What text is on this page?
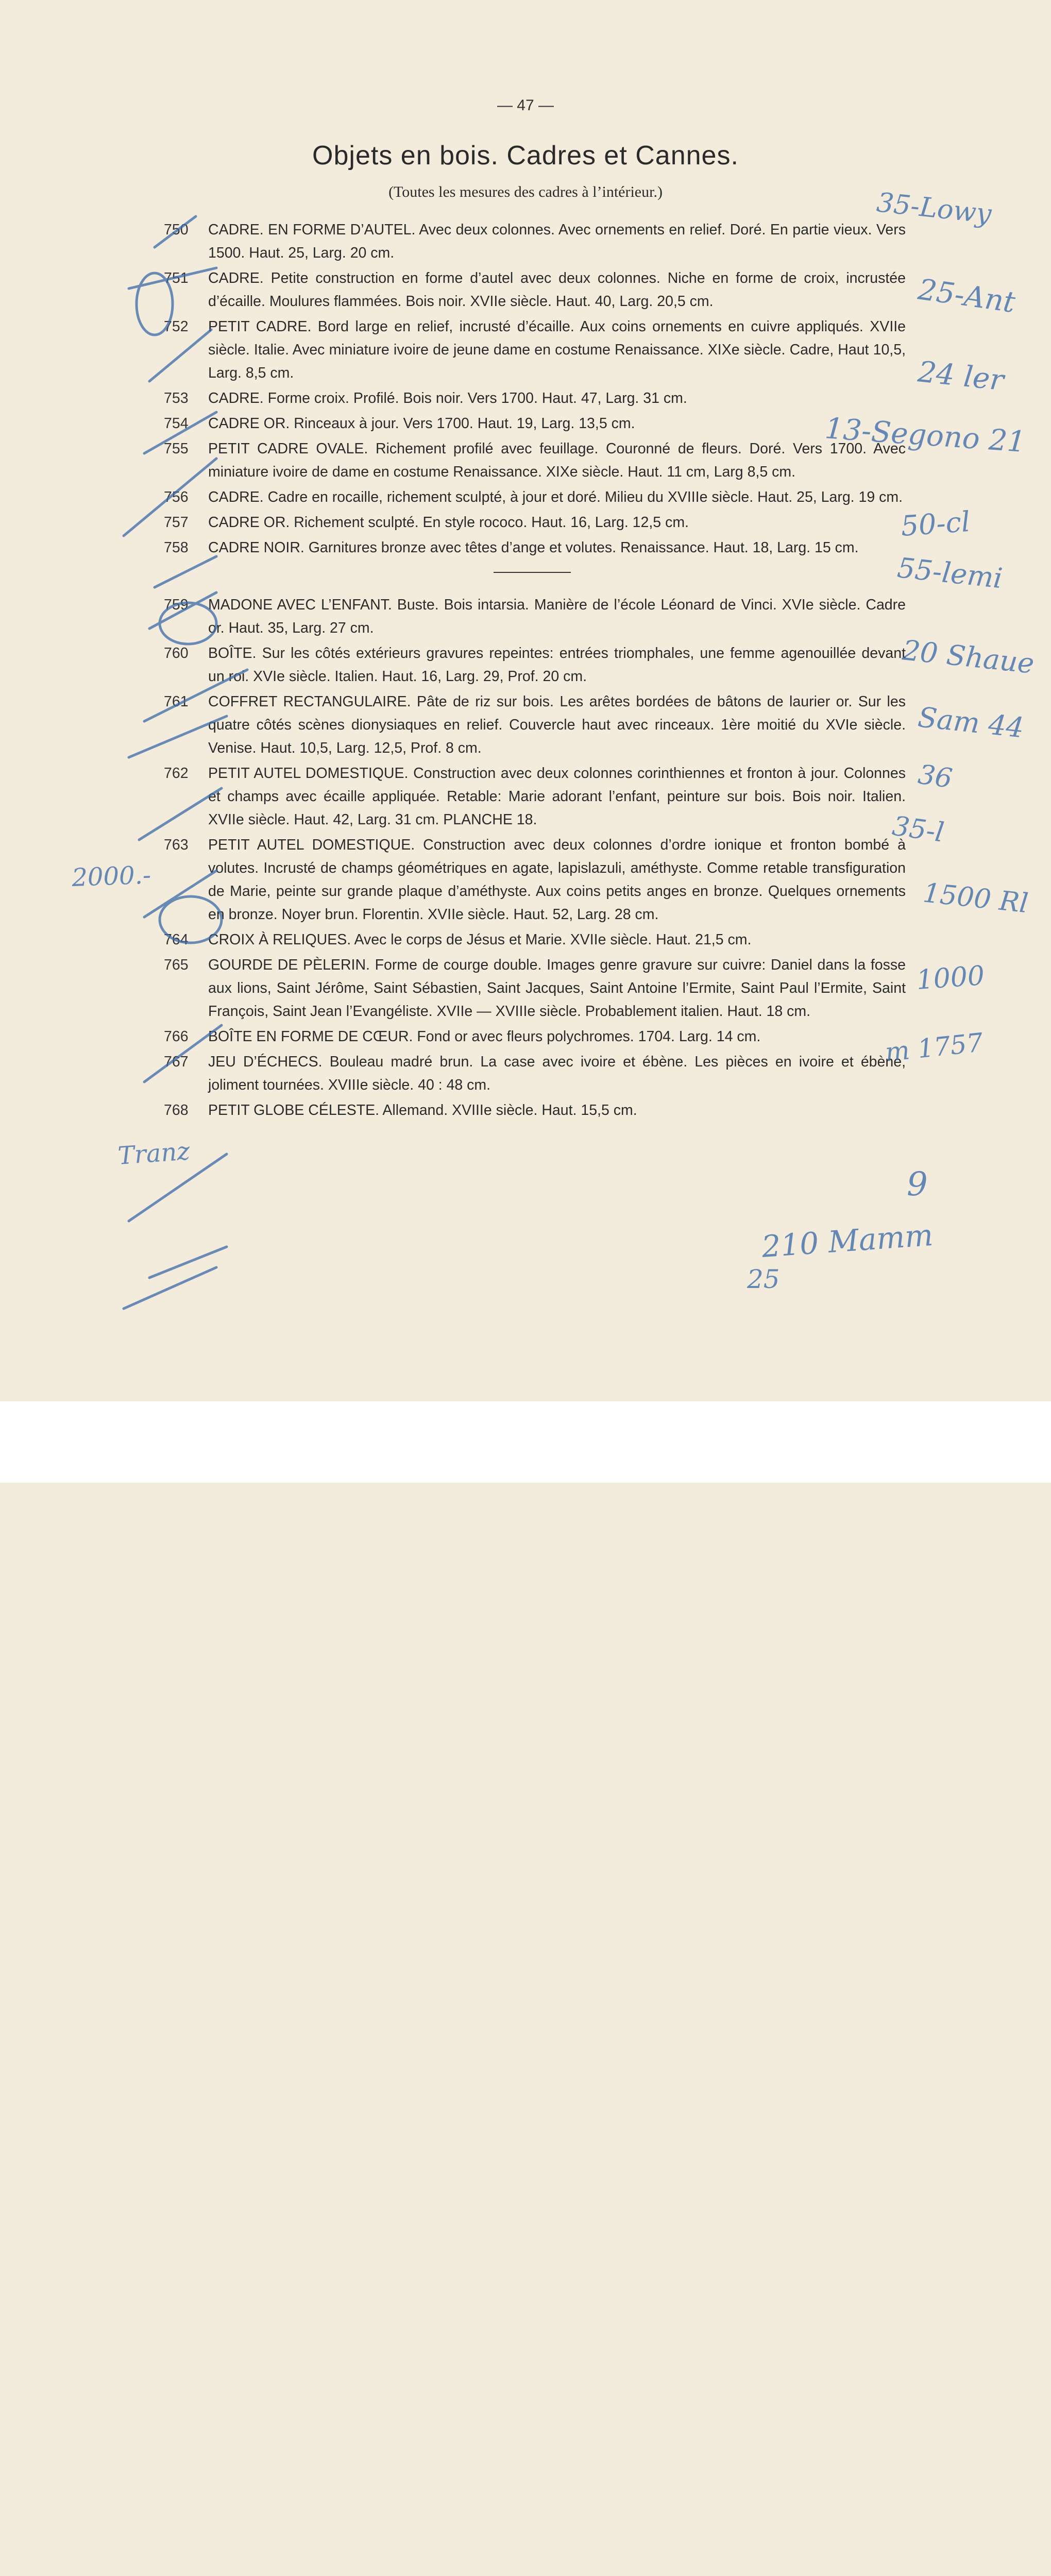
— 47 —
Objets en bois. Cadres et Cannes.
(Toutes les mesures des cadres à l’intérieur.)
750	CADRE. EN FORME D’AUTEL. Avec deux colonnes. Avec ornements en relief. Doré. En partie vieux. Vers 1500. Haut. 25, Larg. 20 cm.
751	CADRE. Petite construction en forme d’autel avec deux colonnes. Niche en forme de croix, incrustée d’écaille. Moulures flammées. Bois noir. XVIIe siècle. Haut. 40, Larg. 20,5 cm.
752	PETIT CADRE. Bord large en relief, incrusté d’écaille. Aux coins ornements en cuivre appliqués. XVIIe siècle. Italie. Avec miniature ivoire de jeune dame en costume Renaissance. XIXe siècle. Cadre, Haut 10,5, Larg. 8,5 cm.
753	CADRE. Forme croix. Profilé. Bois noir. Vers 1700. Haut. 47, Larg. 31 cm.
754	CADRE OR. Rinceaux à jour. Vers 1700. Haut. 19, Larg. 13,5 cm.
755	PETIT CADRE OVALE. Richement profilé avec feuillage. Couronné de fleurs. Doré. Vers 1700. Avec miniature ivoire de dame en costume Renaissance. XIXe siècle. Haut. 11 cm, Larg 8,5 cm.
756	CADRE. Cadre en rocaille, richement sculpté, à jour et doré. Milieu du XVIIIe siècle. Haut. 25, Larg. 19 cm.
757	CADRE OR. Richement sculpté. En style rococo. Haut. 16, Larg. 12,5 cm.
758	CADRE NOIR. Garnitures bronze avec têtes d’ange et volutes. Renaissance. Haut. 18, Larg. 15 cm.
759	MADONE AVEC L’ENFANT. Buste. Bois intarsia. Manière de l’école Léonard de Vinci. XVIe siècle. Cadre or. Haut. 35, Larg. 27 cm.
760	BOÎTE. Sur les côtés extérieurs gravures repeintes: entrées triomphales, une femme agenouillée devant un roi. XVIe siècle. Italien. Haut. 16, Larg. 29, Prof. 20 cm.
761	COFFRET RECTANGULAIRE. Pâte de riz sur bois. Les arêtes bordées de bâtons de laurier or. Sur les quatre côtés scènes dionysiaques en relief. Couvercle haut avec rinceaux. 1ère moitié du XVIe siècle. Venise. Haut. 10,5, Larg. 12,5, Prof. 8 cm.
762	PETIT AUTEL DOMESTIQUE. Construction avec deux colonnes corinthiennes et fronton à jour. Colonnes et champs avec écaille appliquée. Retable: Marie adorant l’enfant, peinture sur bois. Bois noir. Italien. XVIIe siècle. Haut. 42, Larg. 31 cm. PLANCHE 18.
763	PETIT AUTEL DOMESTIQUE. Construction avec deux colonnes d’ordre ionique et fronton bombé à volutes. Incrusté de champs géométriques en agate, lapislazuli, améthyste. Comme retable transfiguration de Marie, peinte sur grande plaque d’améthyste. Aux coins petits anges en bronze. Quelques ornements en bronze. Noyer brun. Florentin. XVIIe siècle. Haut. 52, Larg. 28 cm.
764	CROIX À RELIQUES. Avec le corps de Jésus et Marie. XVIIe siècle. Haut. 21,5 cm.
765	GOURDE DE PÈLERIN. Forme de courge double. Images genre gravure sur cuivre: Daniel dans la fosse aux lions, Saint Jérôme, Saint Sébastien, Saint Jacques, Saint Antoine l’Ermite, Saint Paul l’Ermite, Saint François, Saint Jean l’Evangéliste. XVIIe — XVIIIe siècle. Probablement italien. Haut. 18 cm.
766	BOÎTE EN FORME DE CŒUR. Fond or avec fleurs polychromes. 1704. Larg. 14 cm.
767	JEU D’ÉCHECS. Bouleau madré brun. La case avec ivoire et ébène. Les pièces en ivoire et ébène, joliment tournées. XVIIIe siècle. 40 : 48 cm.
768	PETIT GLOBE CÉLESTE. Allemand. XVIIIe siècle. Haut. 15,5 cm.
35-Lowy
25-Ant
24 ler
13-Segono 21
50-cl
55-lemi
20 Shaue
Sam 44
36
35-l
1500 Rl
1000
2000.-
m 1757
9
210 Mamm
25
Tranz
